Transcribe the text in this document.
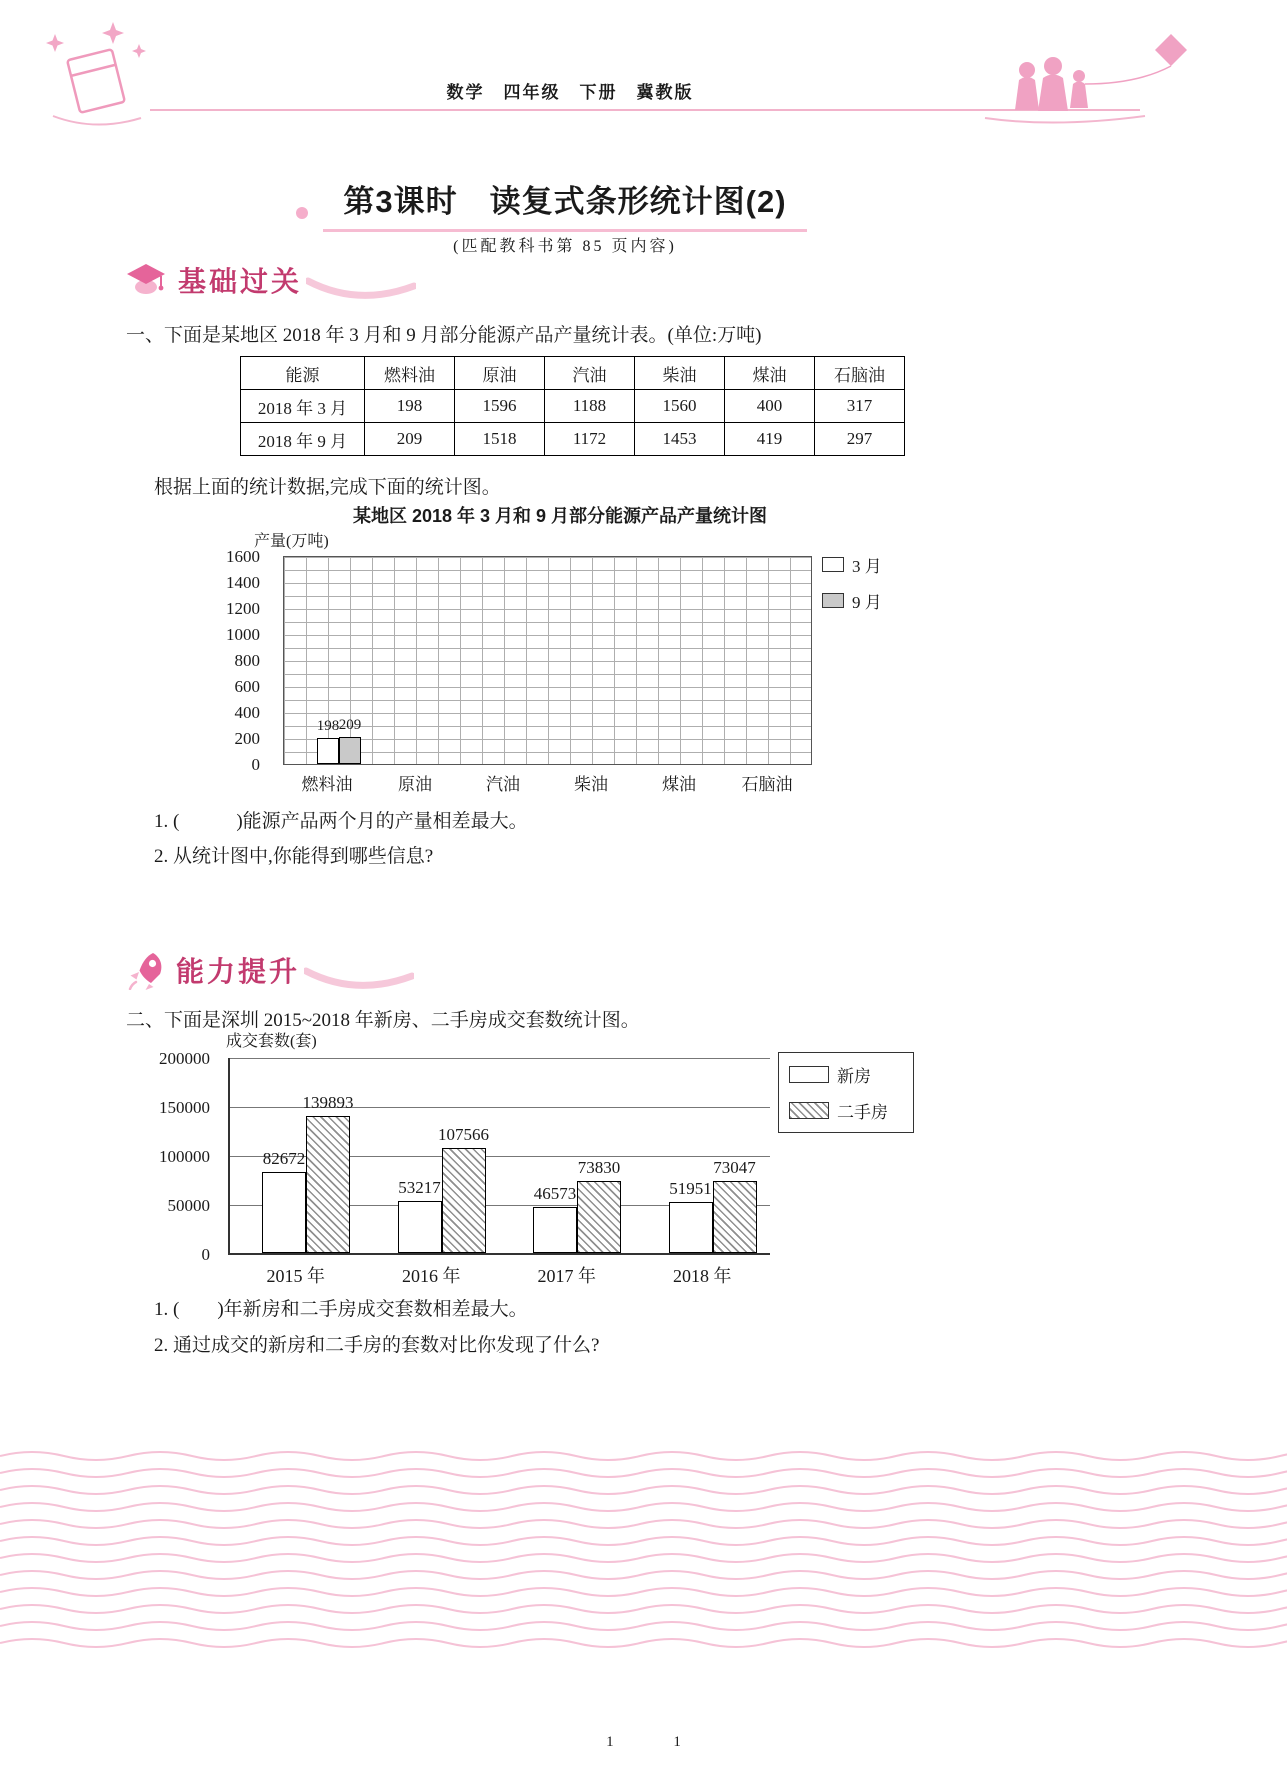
数学　四年级　下册　冀教版
第3课时　读复式条形统计图(2)
(匹配教科书第 85 页内容)
基础过关

一、下面是某地区 2018 年 3 月和 9 月部分能源产品产量统计表。(单位:万吨)

能源	燃料油	原油	汽油	柴油	煤油	石脑油
2018 年 3 月	198	1596	1188	1560	400	317
2018 年 9 月	209	1518	1172	1453	419	297

根据上面的统计数据,完成下面的统计图。

某地区 2018 年 3 月和 9 月部分能源产品产量统计图
产量(万吨)
0
200
400
600
800
1000
1200
1400
1600
198 209
燃料油	原油	汽油	柴油	煤油	石脑油
3 月
9 月

1. (　　　)能源产品两个月的产量相差最大。

2. 从统计图中,你能得到哪些信息?

能力提升

二、下面是深圳 2015~2018 年新房、二手房成交套数统计图。

成交套数(套)
0
50000
100000
150000
200000
82672
53217	46573	51951
139893
107566
73830	73047
2015 年	2016 年	2017 年	2018 年
新房
二手房

1. (　　)年新房和二手房成交套数相差最大。

2. 通过成交的新房和二手房的套数对比你发现了什么?

1	1
